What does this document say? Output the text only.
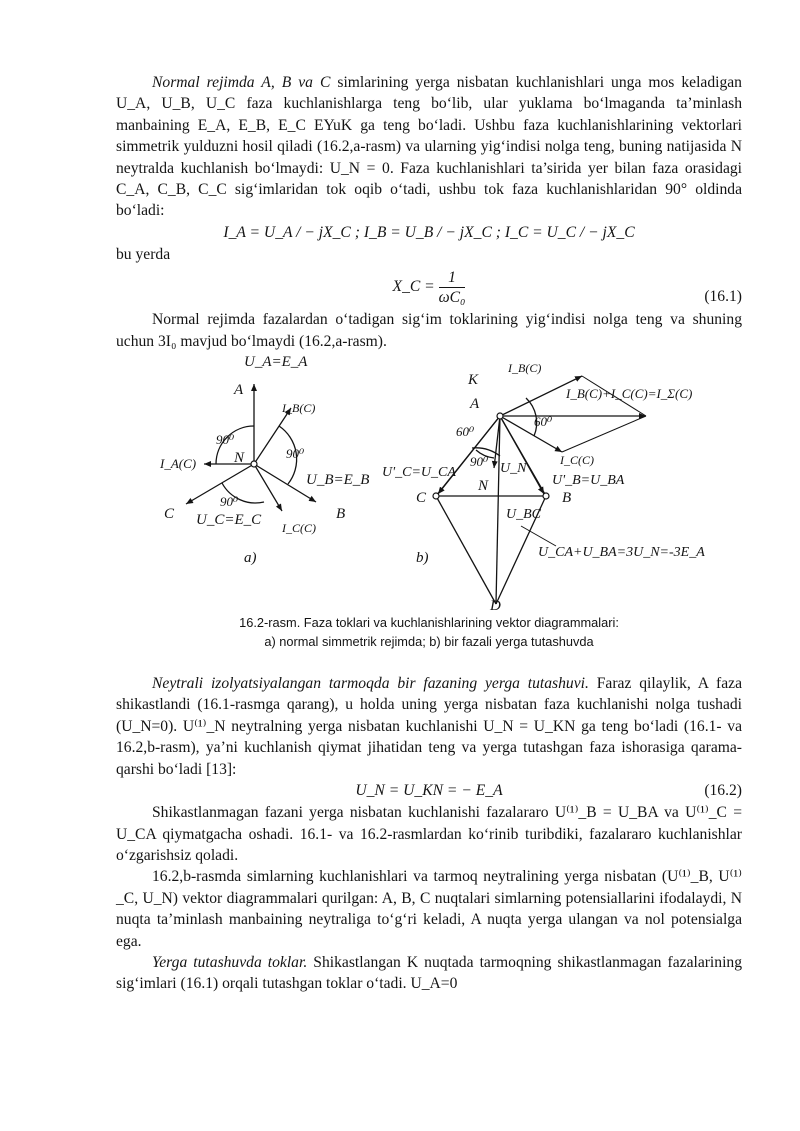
Normal rejimda A, B va C simlarining yerga nisbatan kuchlanishlari unga mos keladigan U_A, U_B, U_C faza kuchlanishlarga teng bo‘lib, ular yuklama bo‘lmaganda ta’minlash manbaining E_A, E_B, E_C EYuK ga teng bo‘ladi. Ushbu faza kuchlanishlarining vektorlari simmetrik yulduzni hosil qiladi (16.2,a-rasm) va ularning yig‘indisi nolga teng, buning natijasida N neytralda kuchlanish bo‘lmaydi: U_N = 0. Faza kuchlanishlari ta’sirida yer bilan faza orasidagi C_A, C_B, C_C sig‘imlaridan tok oqib o‘tadi, ushbu tok faza kuchlanishlaridan 90° oldinda bo‘ladi:

I_A = U_A / − jX_C ; I_B = U_B / − jX_C ; I_C = U_C / − jX_C

bu yerda

X_C = $\frac{1}{\text{ωC₀}}$	(16.1)

Normal rejimda fazalardan o‘tadigan sig‘im toklarining yig‘indisi nolga teng va shuning uchun 3I₀ mavjud bo‘lmaydi (16.2,a-rasm).

U_A=E_A
A
I_B(C)
90⁰
N	90⁰
I_A(C)
U_B=E_B
90⁰
C	B
U_C=E_C I_C(C)
a)
K
I_B(C)
I_B(C)+I_C(C)=I_Σ(C)
A
60⁰
60⁰
I_C(C)
U'_C=U_CA
90⁰ U_N
U'_B=U_BA
N
C	B
U_BC
U_CA+U_BA=3U_N=-3E_A
b)
D
16.2-rasm. Faza toklari va kuchlanishlarining vektor diagrammalari:
a) normal simmetrik rejimda; b) bir fazali yerga tutashuvda

Neytrali izolyatsiyalangan tarmoqda bir fazaning yerga tutashuvi. Faraz qilaylik, A faza shikastlandi (16.1-rasmga qarang), u holda uning yerga nisbatan faza kuchlanishi nolga tushadi (U_N=0). U⁽¹⁾_N neytralning yerga nisbatan kuchlanishi U_N = U_KN ga teng bo‘ladi (16.1- va 16.2,b-rasm), ya’ni kuchlanish qiymat jihatidan teng va yerga tutashgan faza ishorasiga qarama-qarshi bo‘ladi [13]:

U_N = U_KN = − E_A	(16.2)

Shikastlanmagan fazani yerga nisbatan kuchlanishi fazalararo U⁽¹⁾_B = U_BA va U⁽¹⁾_C = U_CA qiymatgacha oshadi. 16.1- va 16.2-rasmlardan ko‘rinib turibdiki, fazalararo kuchlanishlar o‘zgarishsiz qoladi.

16.2,b-rasmda simlarning kuchlanishlari va tarmoq neytralining yerga nisbatan (U⁽¹⁾_B, U⁽¹⁾_C, U_N) vektor diagrammalari qurilgan: A, B, C nuqtalari simlarning potensiallarini ifodalaydi, N nuqta ta’minlash manbaining neytraliga to‘g‘ri keladi, A nuqta yerga ulangan va nol potensialga ega.

Yerga tutashuvda toklar. Shikastlangan K nuqtada tarmoqning shikastlanmagan fazalarining sig‘imlari (16.1) orqali tutashgan toklar o‘tadi. U_A=0
